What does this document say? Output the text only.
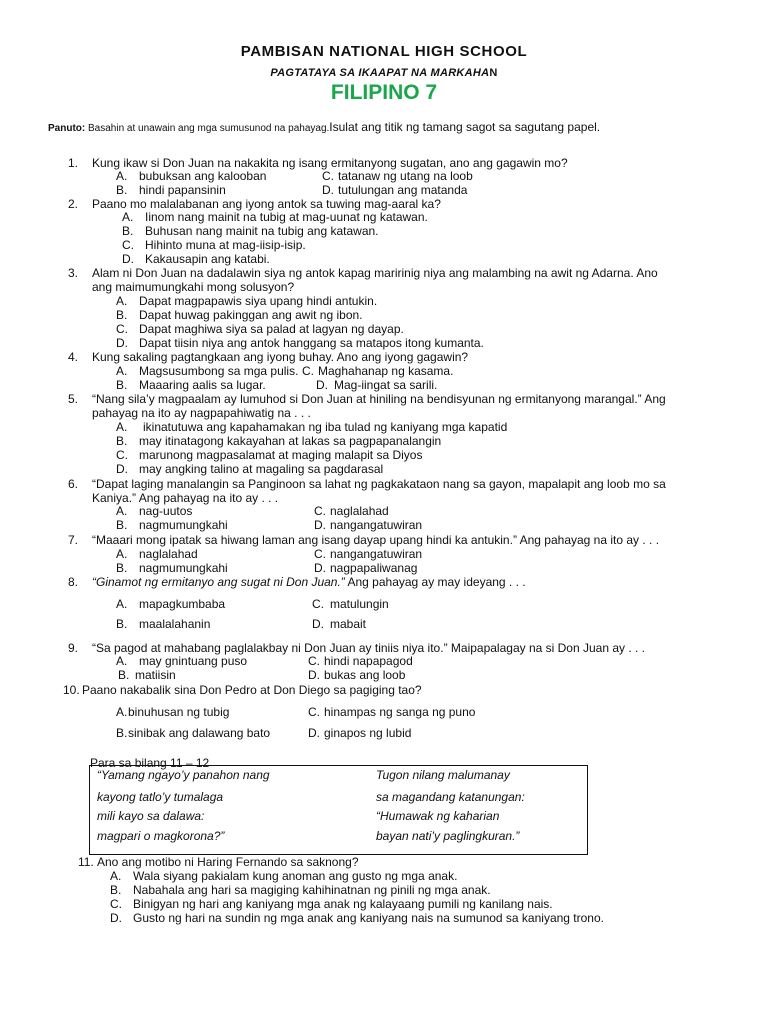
PAMBISAN NATIONAL HIGH SCHOOL
PAGTATAYA SA IKAAPAT NA MARKAHAN
FILIPINO 7
Panuto: Basahin at unawain ang mga sumusunod na pahayag.Isulat ang titik ng tamang sagot sa sagutang papel.
1. Kung ikaw si Don Juan na nakakita ng isang ermitanyong sugatan, ano ang gagawin mo?
A. bubuksan ang kalooban	C. tatanaw ng utang na loob
B. hindi papansinin	D. tutulungan ang matanda
2. Paano mo malalabanan ang iyong antok sa tuwing mag-aaral ka?
A. Iinom nang mainit na tubig at mag-uunat ng katawan.
B. Buhusan nang mainit na tubig ang katawan.
C. Hihinto muna at mag-iisip-isip.
D. Kakausapin ang katabi.
3. Alam ni Don Juan na dadalawin siya ng antok kapag maririnig niya ang malambing na awit ng Adarna. Ano
ang maimumungkahi mong solusyon?
A. Dapat magpapawis siya upang hindi antukin.
B. Dapat huwag pakinggan ang awit ng ibon.
C. Dapat maghiwa siya sa palad at lagyan ng dayap.
D. Dapat tiisin niya ang antok hanggang sa matapos itong kumanta.
4. Kung sakaling pagtangkaan ang iyong buhay. Ano ang iyong gagawin?
A. Magsusumbong sa mga pulis. C. Maghahanap ng kasama.
B. Maaaring aalis sa lugar.	D. Mag-iingat sa sarili.
5. “Nang sila’y magpaalam ay lumuhod si Don Juan at hiniling na bendisyunan ng ermitanyong marangal.” Ang
pahayag na ito ay nagpapahiwatig na . . .
A. ikinatutuwa ang kapahamakan ng iba tulad ng kaniyang mga kapatid
B. may itinatagong kakayahan at lakas sa pagpapanalangin
C. marunong magpasalamat at maging malapit sa Diyos
D. may angking talino at magaling sa pagdarasal
6. “Dapat laging manalangin sa Panginoon sa lahat ng pagkakataon nang sa gayon, mapalapit ang loob mo sa
Kaniya.” Ang pahayag na ito ay . . .
A. nag-uutos	C. naglalahad
B. nagmumungkahi	D. nangangatuwiran
7. “Maaari mong ipatak sa hiwang laman ang isang dayap upang hindi ka antukin.” Ang pahayag na ito ay . . .
A. naglalahad	C. nangangatuwiran
B. nagmumungkahi	D. nagpapaliwanag
8. “Ginamot ng ermitanyo ang sugat ni Don Juan.” Ang pahayag ay may ideyang . . .
A. mapagkumbaba	C. matulungin
B. maalalahanin	D. mabait
9. “Sa pagod at mahabang paglalakbay ni Don Juan ay tiniis niya ito.” Maipapalagay na si Don Juan ay . . .
A. may gnintuang puso	C. hindi napapagod
B. matiisin	D. bukas ang loob
10. Paano nakabalik sina Don Pedro at Don Diego sa pagiging tao?
A. binuhusan ng tubig	C. hinampas ng sanga ng puno
B. sinibak ang dalawang bato	D. ginapos ng lubid
Para sa bilang 11 – 12
“Yamang ngayo’y panahon nang
kayong tatlo’y tumalaga
mili kayo sa dalawa:
magpari o magkorona?”
Tugon nilang malumanay
sa magandang katanungan:
“Humawak ng kaharian
bayan nati’y paglingkuran.”
11. Ano ang motibo ni Haring Fernando sa saknong?
A. Wala siyang pakialam kung anoman ang gusto ng mga anak.
B. Nabahala ang hari sa magiging kahihinatnan ng pinili ng mga anak.
C. Binigyan ng hari ang kaniyang mga anak ng kalayaang pumili ng kanilang nais.
D. Gusto ng hari na sundin ng mga anak ang kaniyang nais na sumunod sa kaniyang trono.
